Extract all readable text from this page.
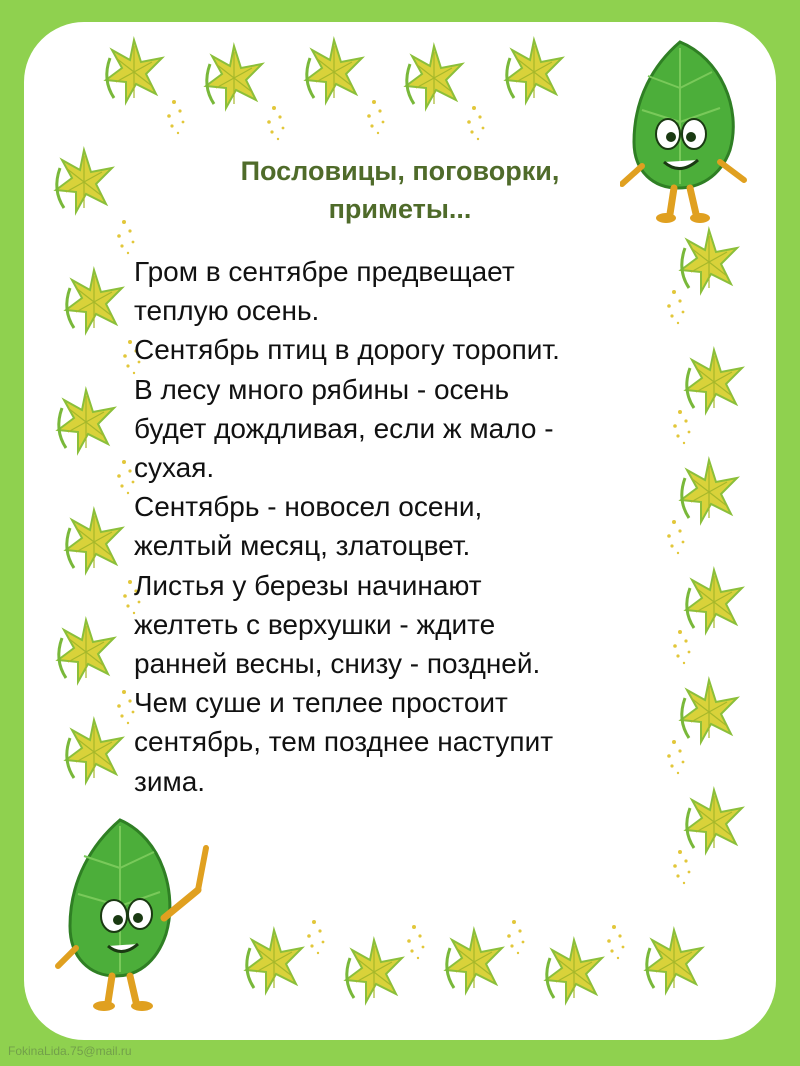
Пословицы, поговорки,
приметы...
Гром в сентябре предвещает
теплую осень.
Сентябрь птиц в дорогу торопит.
В лесу много рябины - осень
будет дождливая, если ж мало -
сухая.
Сентябрь - новосел осени,
желтый месяц, златоцвет.
Листья у березы начинают
желтеть с верхушки - ждите
ранней весны, снизу - поздней.
Чем суше и теплее простоит
сентябрь, тем позднее наступит
зима.
FokinaLida.75@mail.ru
